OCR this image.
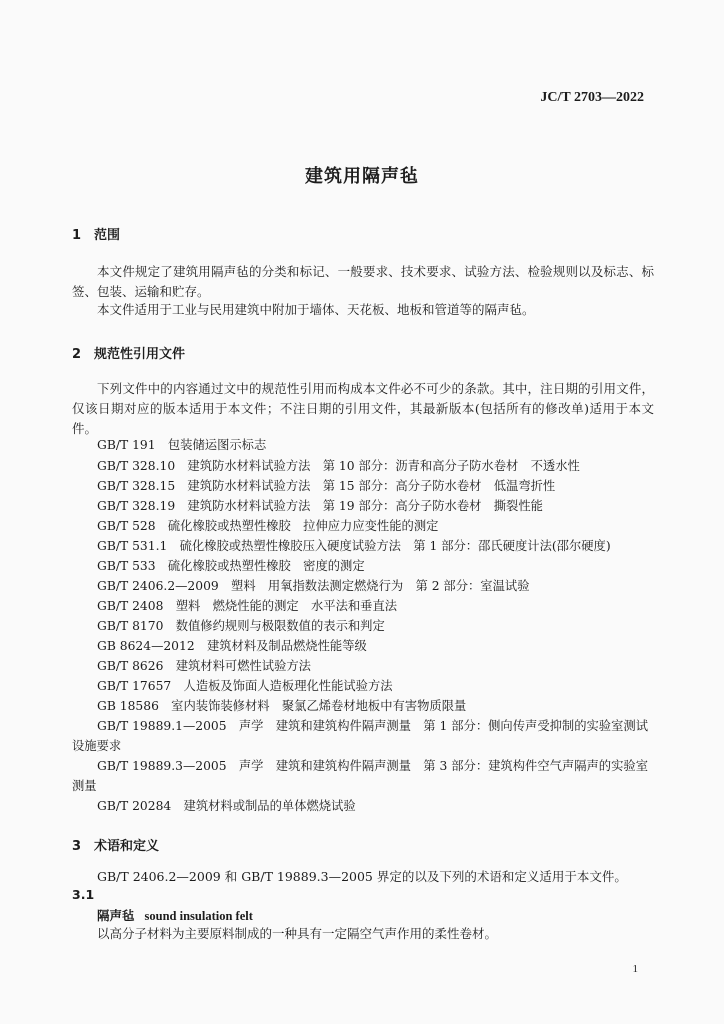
JC/T 2703—2022
建筑用隔声毡
1 范围
本文件规定了建筑用隔声毡的分类和标记、一般要求、技术要求、试验方法、检验规则以及标志、标签、包装、运输和贮存。
本文件适用于工业与民用建筑中附加于墙体、天花板、地板和管道等的隔声毡。
2 规范性引用文件
下列文件中的内容通过文中的规范性引用而构成本文件必不可少的条款。其中，注日期的引用文件，仅该日期对应的版本适用于本文件；不注日期的引用文件，其最新版本(包括所有的修改单)适用于本文件。
GB/T 191　包装储运图示标志
GB/T 328.10　建筑防水材料试验方法　第 10 部分：沥青和高分子防水卷材　不透水性
GB/T 328.15　建筑防水材料试验方法　第 15 部分：高分子防水卷材　低温弯折性
GB/T 328.19　建筑防水材料试验方法　第 19 部分：高分子防水卷材　撕裂性能
GB/T 528　硫化橡胶或热塑性橡胶　拉伸应力应变性能的测定
GB/T 531.1　硫化橡胶或热塑性橡胶压入硬度试验方法　第 1 部分：邵氏硬度计法(邵尔硬度)
GB/T 533　硫化橡胶或热塑性橡胶　密度的测定
GB/T 2406.2—2009　塑料　用氧指数法测定燃烧行为　第 2 部分：室温试验
GB/T 2408　塑料　燃烧性能的测定　水平法和垂直法
GB/T 8170　数值修约规则与极限数值的表示和判定
GB 8624—2012　建筑材料及制品燃烧性能等级
GB/T 8626　建筑材料可燃性试验方法
GB/T 17657　人造板及饰面人造板理化性能试验方法
GB 18586　室内装饰装修材料　聚氯乙烯卷材地板中有害物质限量
GB/T 19889.1—2005　声学　建筑和建筑构件隔声测量　第 1 部分：侧向传声受抑制的实验室测试设施要求
GB/T 19889.3—2005　声学　建筑和建筑构件隔声测量　第 3 部分：建筑构件空气声隔声的实验室测量
GB/T 20284　建筑材料或制品的单体燃烧试验
3 术语和定义
GB/T 2406.2—2009 和 GB/T 19889.3—2005 界定的以及下列的术语和定义适用于本文件。
3.1
隔声毡 sound insulation felt
以高分子材料为主要原料制成的一种具有一定隔空气声作用的柔性卷材。
1
